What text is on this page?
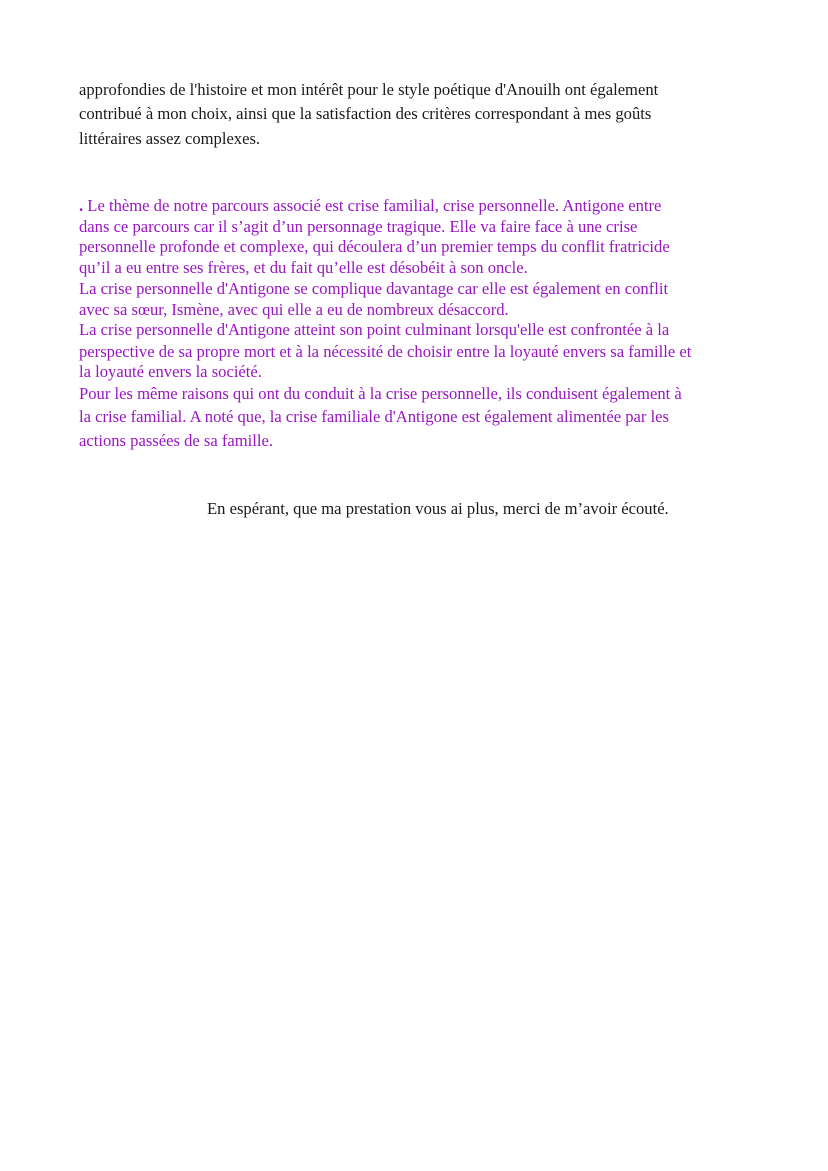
approfondies de l'histoire et mon intérêt pour le style poétique d'Anouilh ont également
contribué à mon choix, ainsi que la satisfaction des critères correspondant à mes goûts
littéraires assez complexes.
. Le thème de notre parcours associé est crise familial, crise personnelle. Antigone entre
dans ce parcours car il s’agit d’un personnage tragique. Elle va faire face à une crise
personnelle profonde et complexe, qui découlera d’un premier temps du conflit fratricide
qu’il a eu entre ses frères, et du fait qu’elle est désobéit à son oncle.
La crise personnelle d'Antigone se complique davantage car elle est également en conflit
avec sa sœur, Ismène, avec qui elle a eu de nombreux désaccord.
La crise personnelle d'Antigone atteint son point culminant lorsqu'elle est confrontée à la
perspective de sa propre mort et à la nécessité de choisir entre la loyauté envers sa famille et
la loyauté envers la société.
Pour les même raisons qui ont du conduit à la crise personnelle, ils conduisent également à
la crise familial. A noté que, la crise familiale d'Antigone est également alimentée par les
actions passées de sa famille.
En espérant, que ma prestation vous ai plus, merci de m’avoir écouté.
